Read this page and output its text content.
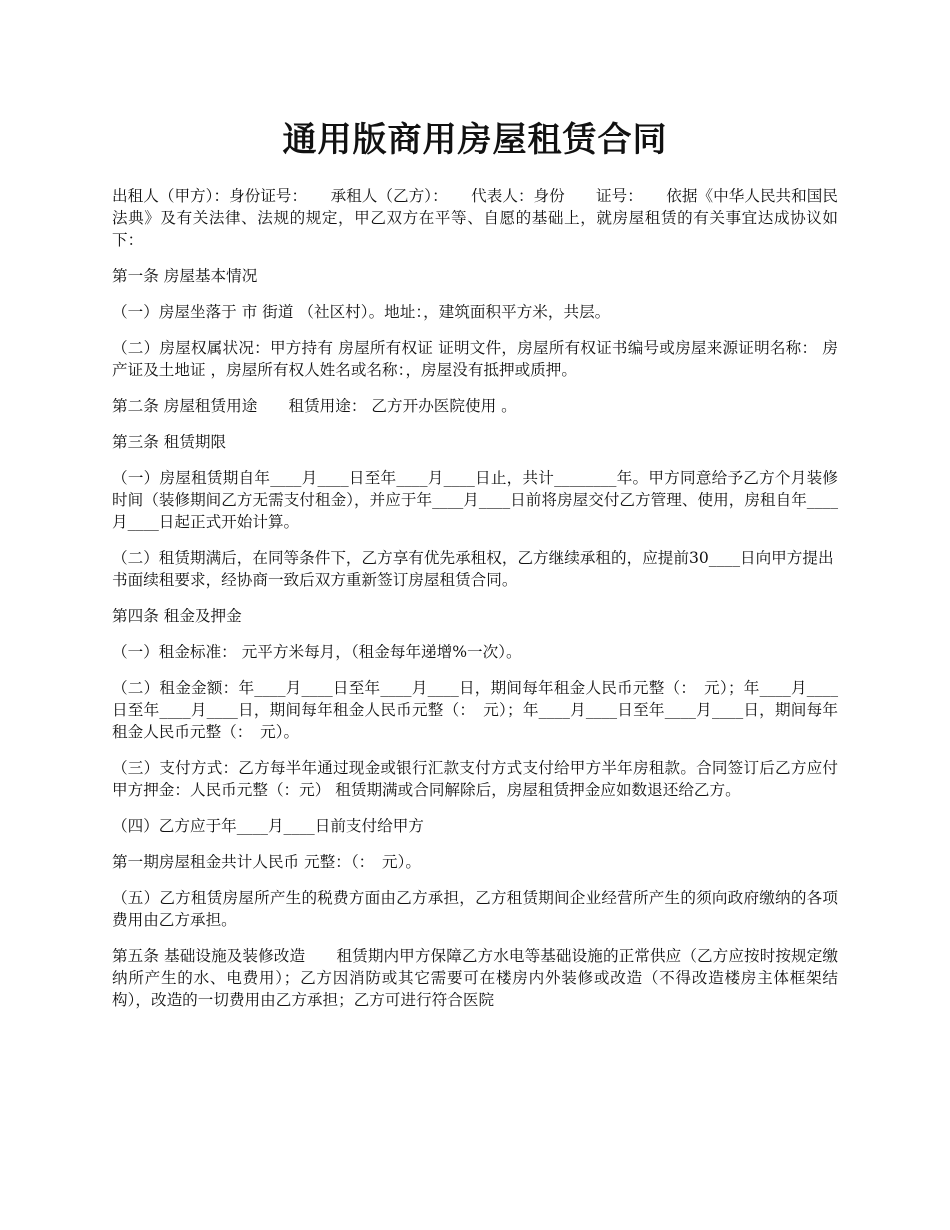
通用版商用房屋租赁合同

出租人（甲方）：身份证号：　　承租人（乙方）：　　代表人：身份　　证号：　　依据《中华人民共和国民法典》及有关法律、法规的规定，甲乙双方在平等、自愿的基础上，就房屋租赁的有关事宜达成协议如下：

第一条 房屋基本情况

（一）房屋坐落于 市 街道 （社区村）。地址：，建筑面积平方米，共层。

（二）房屋权属状况：甲方持有 房屋所有权证 证明文件，房屋所有权证书编号或房屋来源证明名称： 房产证及土地证 ，房屋所有权人姓名或名称：，房屋没有抵押或质押。

第二条 房屋租赁用途　　租赁用途： 乙方开办医院使用 。

第三条 租赁期限

（一）房屋租赁期自年____月____日至年____月____日止，共计________年。甲方同意给予乙方个月装修时间（装修期间乙方无需支付租金），并应于年____月____日前将房屋交付乙方管理、使用，房租自年____月____日起正式开始计算。

（二）租赁期满后，在同等条件下，乙方享有优先承租权，乙方继续承租的，应提前30____日向甲方提出书面续租要求，经协商一致后双方重新签订房屋租赁合同。

第四条 租金及押金

（一）租金标准： 元平方米每月，（租金每年递增%一次）。

（二）租金金额：年____月____日至年____月____日，期间每年租金人民币元整（：　元）；年____月____日至年____月____日，期间每年租金人民币元整（：　元）；年____月____日至年____月____日，期间每年租金人民币元整（：　元）。

（三）支付方式：乙方每半年通过现金或银行汇款支付方式支付给甲方半年房租款。合同签订后乙方应付甲方押金：人民币元整（：元） 租赁期满或合同解除后，房屋租赁押金应如数退还给乙方。

（四）乙方应于年____月____日前支付给甲方

第一期房屋租金共计人民币 元整：（：　元）。

（五）乙方租赁房屋所产生的税费方面由乙方承担，乙方租赁期间企业经营所产生的须向政府缴纳的各项费用由乙方承担。

第五条 基础设施及装修改造　　租赁期内甲方保障乙方水电等基础设施的正常供应（乙方应按时按规定缴纳所产生的水、电费用）；乙方因消防或其它需要可在楼房内外装修或改造（不得改造楼房主体框架结构），改造的一切费用由乙方承担；乙方可进行符合医院
